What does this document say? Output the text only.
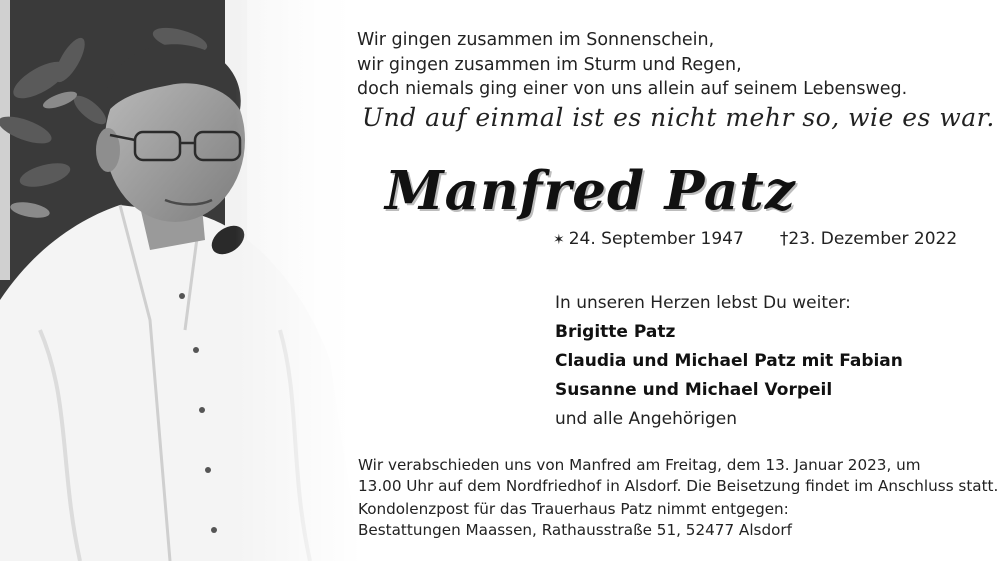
Wir gingen zusammen im Sonnenschein,
wir gingen zusammen im Sturm und Regen,
doch niemals ging einer von uns allein auf seinem Lebensweg.
Und auf einmal ist es nicht mehr so, wie es war.
Manfred Patz
✶ 24. September 1947 †23. Dezember 2022
In unseren Herzen lebst Du weiter:
Brigitte Patz
Claudia und Michael Patz mit Fabian
Susanne und Michael Vorpeil
und alle Angehörigen
Wir verabschieden uns von Manfred am Freitag, dem 13. Januar 2023, um
13.00 Uhr auf dem Nordfriedhof in Alsdorf. Die Beisetzung findet im Anschluss statt.
Kondolenzpost für das Trauerhaus Patz nimmt entgegen:
Bestattungen Maassen, Rathausstraße 51, 52477 Alsdorf
